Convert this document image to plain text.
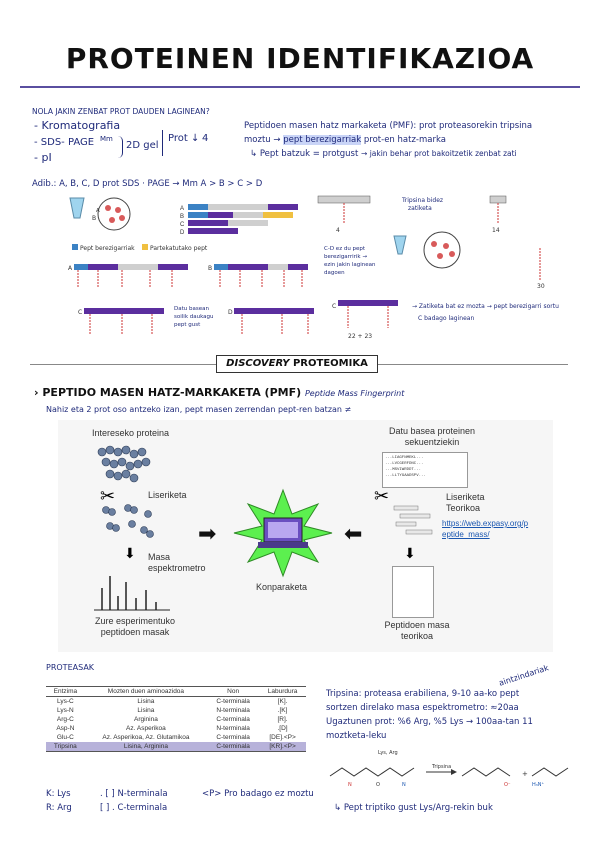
PROTEINEN IDENTIFIKAZIOA
NOLA JAKIN ZENBAT PROT DAUDEN LAGINEAN?
- Kromatografia
- SDS- PAGE Mm
- pI
2D gel
Prot ↓ 4
Peptidoen masen hatz markaketa (PMF): prot proteasorekin tripsina
moztu → pept berezigarriak prot-en hatz-marka
↳ Pept batzuk = protgust → jakin behar prot bakoitzetik zenbat zati
Adib.: A, B, C, D prot SDS · PAGE → Mm A > B > C > D
A
B
A
B
C
D	4
Tripsina bidez
zatiketa
14
Pept berezigarriak	Partekatutako pept
30
C-D ez du pept
berezigarririk →
ezin jakin laginean
dagoen
A	B
C	Datu basean
soilik daukagu
pept gust
D
C
22 + 23
→ Zatiketa bat ez mozta → pept berezigarri sortu
C badago laginean
DISCOVERY PROTEOMIKA
› PEPTIDO MASEN HATZ-MARKAKETA (PMF) Peptide Mass Fingerprint
Nahiz eta 2 prot oso antzeko izan, pept masen zerrendan pept-ren batzan ≠
Intereseko proteina
✂	Liseriketa
⬇ Masa espektrometro
Zure esperimentuko peptidoen masak
➡	⬅
Konparaketa
Datu basea proteinen sekuentziekin
...LIAGFNMEKL...
...LVCGERFDNC...
...MSVIWRDDT...
...LLTYGAADSPV...
✂	Liseriketa Teorikoa
https://web.expasy.org/peptide_mass/
⬇
Peptidoen masa teorikoa
PROTEASAK
Entzima	Mozten duen aminoazidoa	Non	Laburdura
Lys-C	Lisina	C-terminala	[K].
Lys-N	Lisina	N-terminala	.[K]
Arg-C	Arginina	C-terminala	[R].
Asp-N	Az. Asperikoa	N-terminala	.[D]
Glu-C	Az. Asperikoa, Az. Glutamikoa	C-terminala	[DE].<P>
Tripsina	Lisina, Arginina	C-terminala	[KR].<P>
aintzindariak
Tripsina: proteasa erabiliena, 9-10 aa-ko pept
sortzen direlako masa espektrometro: ≈20aa
Ugaztunen prot: %6 Arg, %5 Lys → 100aa-tan 11
moztketa-leku
Lys, Arg
N	O	N
Tripsina
O⁻
+
H₃N⁺
↳ Pept triptiko gust Lys/Arg-rekin buk
K: Lys
R: Arg
. [ ] N-terminala
[ ] . C-terminala
<P> Pro badago ez moztu
